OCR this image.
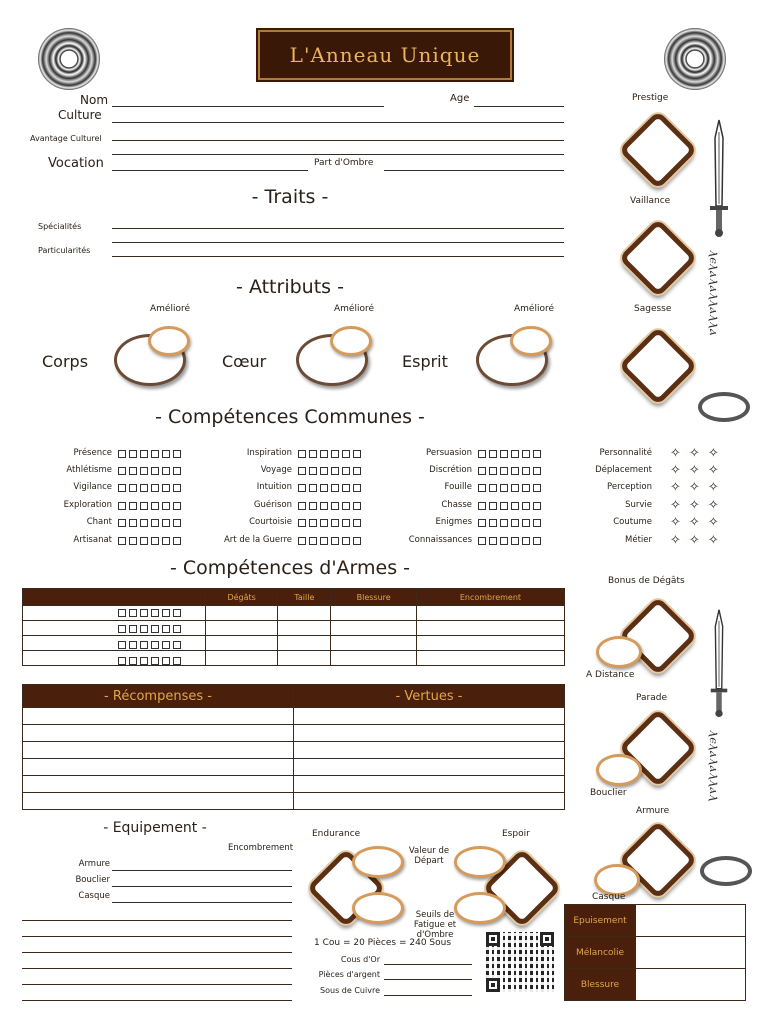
L'Anneau Unique
Nom	Age
Culture
Avantage Culturel
Vocation	Part d'Ombre
- Traits -
Spécialités
Particularités
- Attributs -
Amélioré	Amélioré	Amélioré
Corps	Cœur	Esprit
Prestige
Vaillance
Sagesse	ⲗⲉⲗⲁⲗⲁⲗⲗⲁⲗⲗⲁ
- Compétences Communes -
Présence
Athlétisme
Vigilance
Exploration
Chant
Artisanat
Inspiration
Voyage
Intuition
Guérison
Courtoisie
Art de la Guerre
Persuasion
Discrétion
Fouille
Chasse
Enigmes
Connaissances
Personnalité ✧ ✧ ✧
Déplacement ✧ ✧ ✧
Perception ✧ ✧ ✧
Survie ✧ ✧ ✧
Coutume ✧ ✧ ✧
Métier ✧ ✧ ✧
- Compétences d'Armes -
	Dégâts	Taille	Blessure	Encombrement

Bonus de Dégâts
A Distance
Parade
Bouclier
Armure
Casque
ⲗⲉⲗⲁⲗⲁⲗⲗⲁⲗ
- Récompenses -	- Vertues -

- Equipement -
Encombrement
Armure
Bouclier
Casque
Endurance	Espoir
Valeur de Départ
Seuils de Fatigue et d'Ombre
1 Cou = 20 Pièces = 240 Sous
Cous d'Or
Pièces d'argent
Sous de Cuivre
Epuisement	
Mélancolie	
Blessure	
